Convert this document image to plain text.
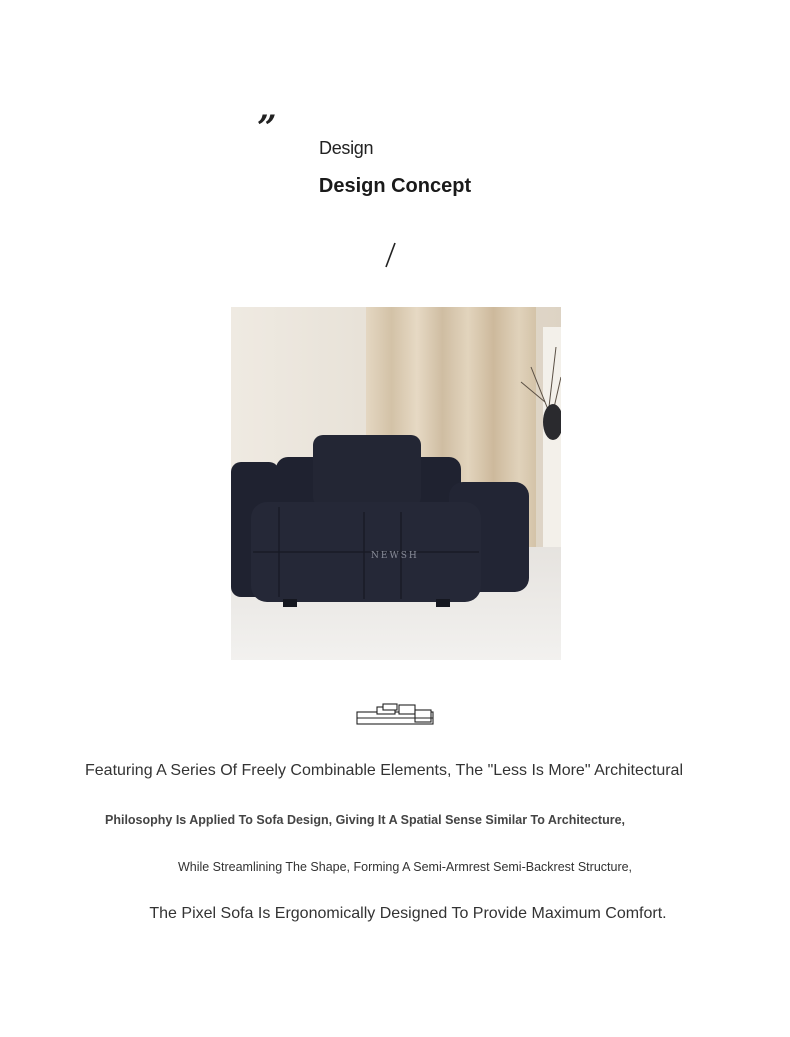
” Design
Design Concept
NEWSH
Featuring A Series Of Freely Combinable Elements, The "Less Is More" Architectural
Philosophy Is Applied To Sofa Design, Giving It A Spatial Sense Similar To Architecture,
While Streamlining The Shape, Forming A Semi-Armrest Semi-Backrest Structure,
The Pixel Sofa Is Ergonomically Designed To Provide Maximum Comfort.
